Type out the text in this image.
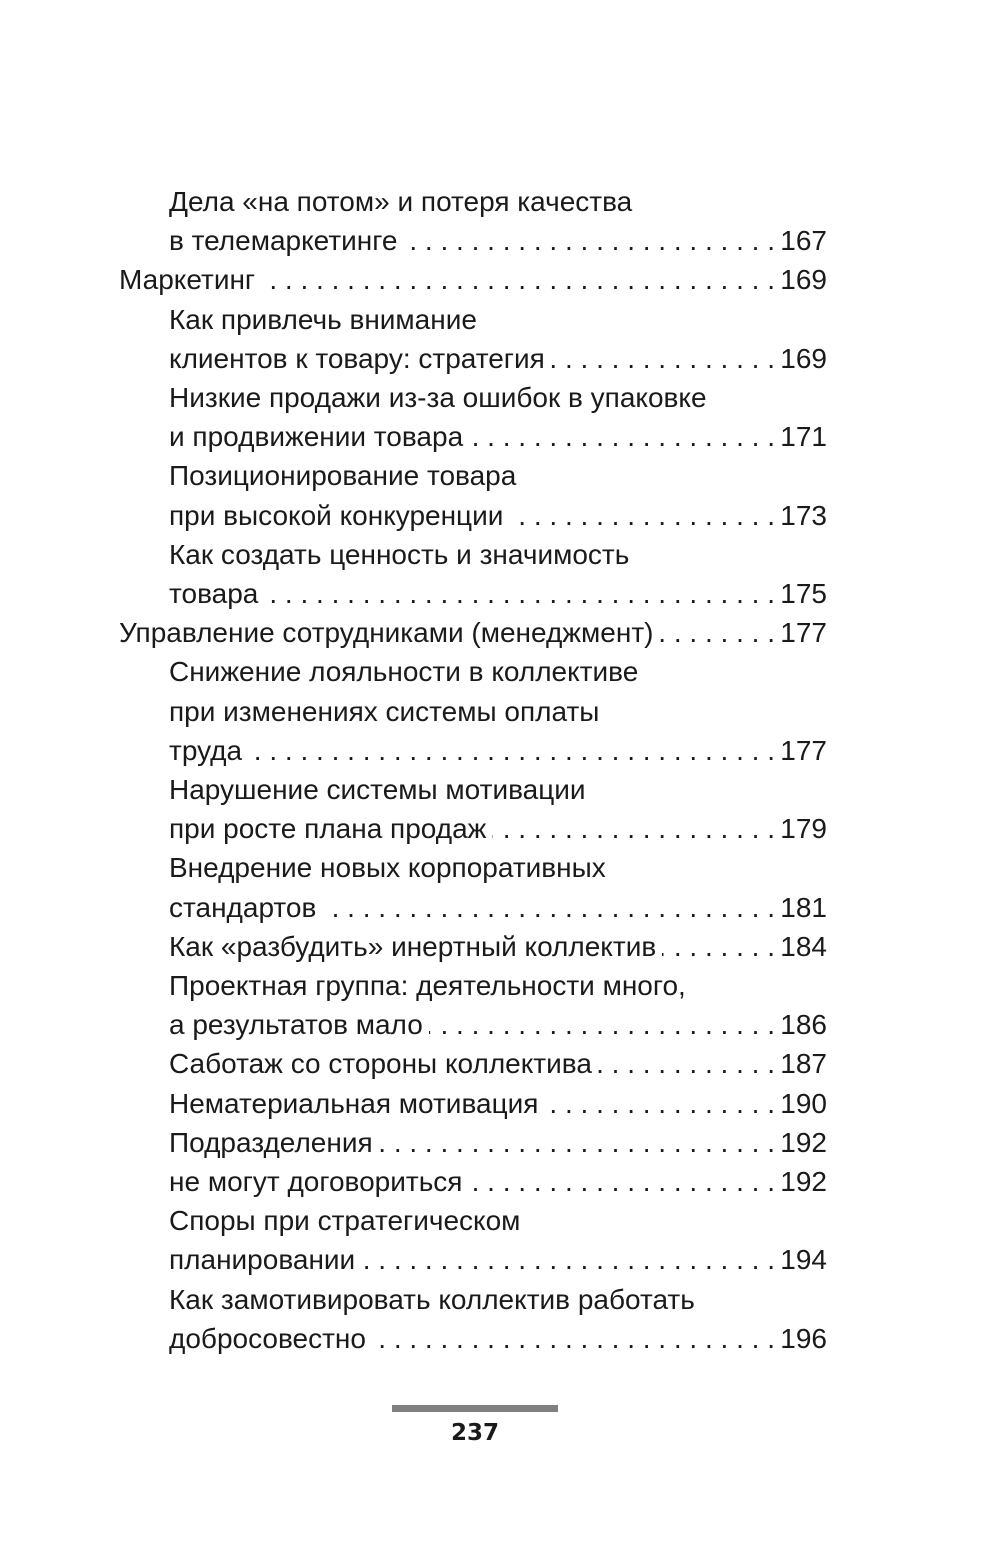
Дела «на потом» и потеря качества
в телемаркетинге . . .	167
Маркетинг . . .	169
Как привлечь внимание
клиентов к товару: стратегия . . .	169
Низкие продажи из-за ошибок в упаковке
и продвижении товара . . .	171
Позиционирование товара
при высокой конкуренции . . .	173
Как создать ценность и значимость
товара . . .	175
Управление сотрудниками (менеджмент) . . .	177
Снижение лояльности в коллективе
при изменениях системы оплаты
труда . . .	177
Нарушение системы мотивации
при росте плана продаж . . .	179
Внедрение новых корпоративных
стандартов . . .	181
Как «разбудить» инертный коллектив . . .	184
Проектная группа: деятельности много,
а результатов мало . . .	186
Саботаж со стороны коллектива . . .	187
Нематериальная мотивация . . .	190
Подразделения . . .	192
не могут договориться . . .	192
Споры при стратегическом
планировании . . .	194
Как замотивировать коллектив работать
добросовестно . . .	196
237
